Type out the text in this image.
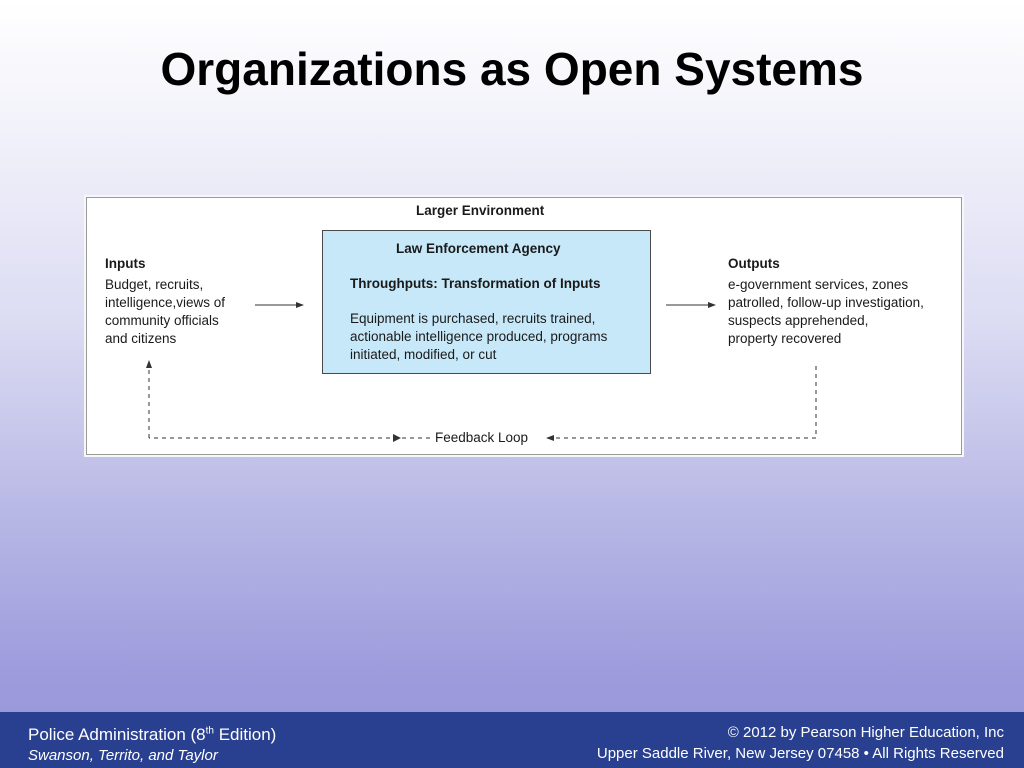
Organizations as Open Systems
Larger Environment
Inputs
Budget, recruits,
intelligence,views of
community officials
and citizens
Law Enforcement Agency
Throughputs: Transformation of Inputs
Equipment is purchased, recruits trained,
actionable intelligence produced, programs
initiated, modified, or cut
Outputs
e-government services, zones
patrolled, follow-up investigation,
suspects apprehended,
property recovered
Feedback Loop
Police Administration (8th Edition)
Swanson, Territo, and Taylor
© 2012 by Pearson Higher Education, Inc
Upper Saddle River, New Jersey 07458 • All Rights Reserved
